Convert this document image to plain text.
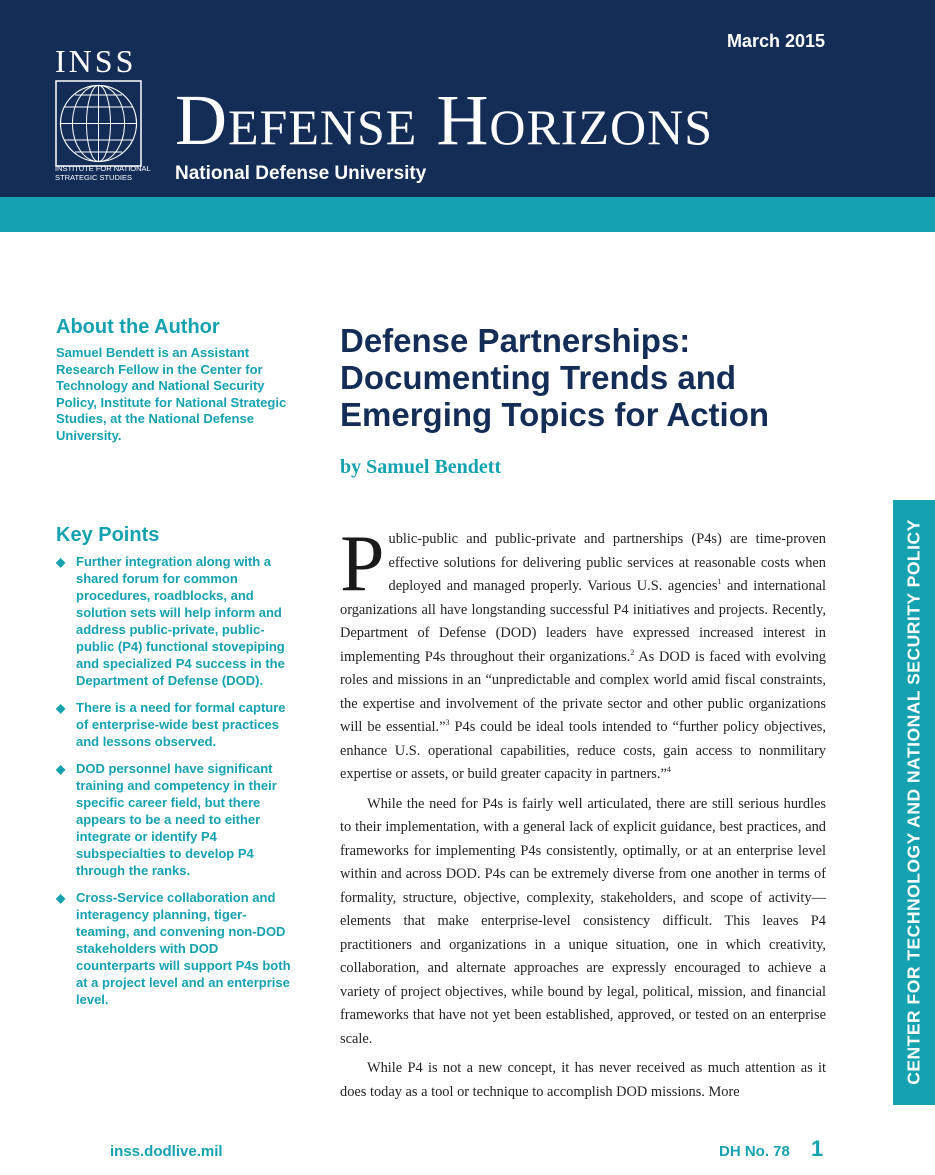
March 2015
INSS
INSTITUTE FOR NATIONAL
STRATEGIC STUDIES
Defense Horizons
National Defense University
About the Author

Samuel Bendett is an Assistant Research Fellow in the Center for Technology and National Security Policy, Institute for National Strategic Studies, at the National Defense University.

Key Points
◆ Further integration along with a shared forum for common procedures, roadblocks, and solution sets will help inform and address public-private, public-public (P4) functional stovepiping and specialized P4 success in the Department of Defense (DOD).
◆ There is a need for formal capture of enterprise-wide best practices and lessons observed.
◆ DOD personnel have significant training and competency in their specific career field, but there appears to be a need to either integrate or identify P4 subspecialties to develop P4 through the ranks.
◆ Cross-Service collaboration and interagency planning, tiger-teaming, and convening non-DOD stakeholders with DOD counterparts will support P4s both at a project level and an enterprise level.
Defense Partnerships: Documenting Trends and Emerging Topics for Action
by Samuel Bendett

Public-public and public-private and partnerships (P4s) are time-proven effective solutions for delivering public services at reasonable costs when deployed and managed properly. Various U.S. agencies$^1$ and international organizations all have longstanding successful P4 initiatives and projects. Recently, Department of Defense (DOD) leaders have expressed increased interest in implementing P4s throughout their organizations.$^2$ As DOD is faced with evolving roles and missions in an “unpredictable and complex world amid fiscal constraints, the expertise and involvement of the private sector and other public organizations will be essential.”$^3$ P4s could be ideal tools intended to “further policy objectives, enhance U.S. operational capabilities, reduce costs, gain access to nonmilitary expertise or assets, or build greater capacity in partners.”$^4$

While the need for P4s is fairly well articulated, there are still serious hurdles to their implementation, with a general lack of explicit guidance, best practices, and frameworks for implementing P4s consistently, optimally, or at an enterprise level within and across DOD. P4s can be extremely diverse from one another in terms of formality, structure, objective, complexity, stakeholders, and scope of activity—elements that make enterprise-level consistency difficult. This leaves P4 practitioners and organizations in a unique situation, one in which creativity, collaboration, and alternate approaches are expressly encouraged to achieve a variety of project objectives, while bound by legal, political, mission, and financial frameworks that have not yet been established, approved, or tested on an enterprise scale.

While P4 is not a new concept, it has never received as much attention as it does today as a tool or technique to accomplish DOD missions. More

CENTER FOR TECHNOLOGY AND NATIONAL SECURITY POLICY
inss.dodlive.mil	DH No. 78 1
